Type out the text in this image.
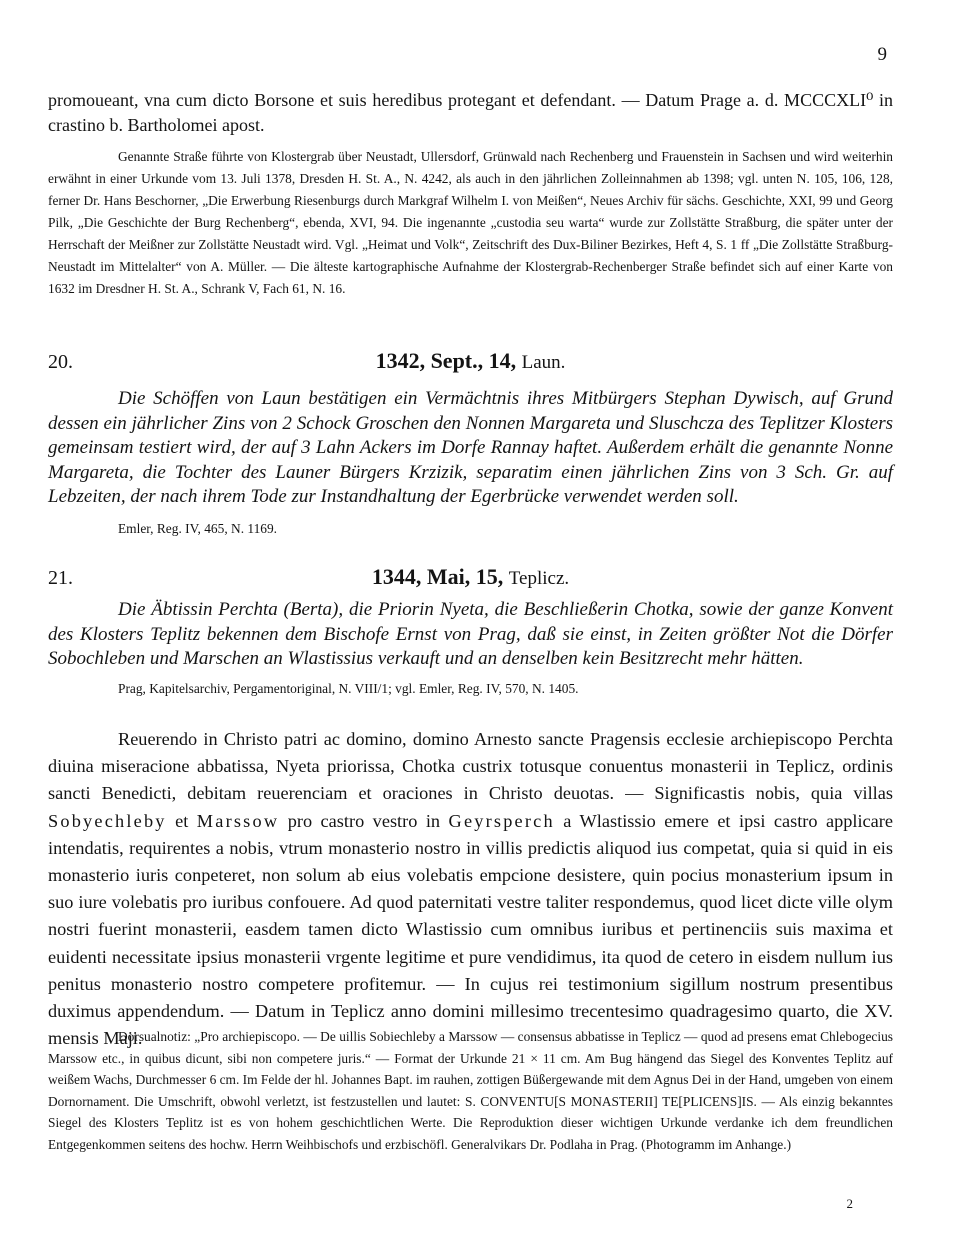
9

promoueant, vna cum dicto Borsone et suis heredibus protegant et defendant. — Datum Prage a. d. MCCCXLI⁰ in crastino b. Bartholomei apost.

Genannte Straße führte von Klostergrab über Neustadt, Ullersdorf, Grünwald nach Rechenberg und Frauenstein in Sachsen und wird weiterhin erwähnt in einer Urkunde vom 13. Juli 1378, Dresden H. St. A., N. 4242, als auch in den jährlichen Zolleinnahmen ab 1398; vgl. unten N. 105, 106, 128, ferner Dr. Hans Beschorner, „Die Erwerbung Riesenburgs durch Markgraf Wilhelm I. von Meißen“, Neues Archiv für sächs. Geschichte, XXI, 99 und Georg Pilk, „Die Geschichte der Burg Rechenberg“, ebenda, XVI, 94. Die ingenannte „custodia seu warta“ wurde zur Zollstätte Straßburg, die später unter der Herrschaft der Meißner zur Zollstätte Neustadt wird. Vgl. „Heimat und Volk“, Zeitschrift des Dux-Biliner Bezirkes, Heft 4, S. 1 ff „Die Zollstätte Straßburg-Neustadt im Mittelalter“ von A. Müller. — Die älteste kartographische Aufnahme der Klostergrab-Rechenberger Straße befindet sich auf einer Karte von 1632 im Dresdner H. St. A., Schrank V, Fach 61, N. 16.

20.	1342, Sept., 14, Laun.

Die Schöffen von Laun bestätigen ein Vermächtnis ihres Mitbürgers Stephan Dywisch, auf Grund dessen ein jährlicher Zins von 2 Schock Groschen den Nonnen Margareta und Sluschcza des Teplitzer Klosters gemeinsam testiert wird, der auf 3 Lahn Ackers im Dorfe Rannay haftet. Außerdem erhält die genannte Nonne Margareta, die Tochter des Launer Bürgers Krzizik, separatim einen jährlichen Zins von 3 Sch. Gr. auf Lebzeiten, der nach ihrem Tode zur Instandhaltung der Egerbrücke verwendet werden soll.

Emler, Reg. IV, 465, N. 1169.
21.	1344, Mai, 15, Teplicz.

Die Äbtissin Perchta (Berta), die Priorin Nyeta, die Beschließerin Chotka, sowie der ganze Konvent des Klosters Teplitz bekennen dem Bischofe Ernst von Prag, daß sie einst, in Zeiten größter Not die Dörfer Sobochleben und Marschen an Wlastissius verkauft und an denselben kein Besitzrecht mehr hätten.

Prag, Kapitelsarchiv, Pergamentoriginal, N. VIII/1; vgl. Emler, Reg. IV, 570, N. 1405.

Reuerendo in Christo patri ac domino, domino Arnesto sancte Pragensis ecclesie archiepiscopo Perchta diuina miseracione abbatissa, Nyeta priorissa, Chotka custrix totusque conuentus monasterii in Teplicz, ordinis sancti Benedicti, debitam reuerenciam et oraciones in Christo deuotas. — Significastis nobis, quia villas Sobyechleby et Marssow pro castro vestro in Geyrsperch a Wlastissio emere et ipsi castro applicare intendatis, requirentes a nobis, vtrum monasterio nostro in villis predictis aliquod ius competat, quia si quid in eis monasterio iuris conpeteret, non solum ab eius volebatis empcione desistere, quin pocius monasterium ipsum in suo iure volebatis pro iuribus confouere. Ad quod paternitati vestre taliter respondemus, quod licet dicte ville olym nostri fuerint monasterii, easdem tamen dicto Wlastissio cum omnibus iuribus et pertinenciis suis maxima et euidenti necessitate ipsius monasterii vrgente legitime et pure vendidimus, ita quod de cetero in eisdem nullum ius penitus monasterio nostro competere profitemur. — In cujus rei testimonium sigillum nostrum presentibus duximus appendendum. — Datum in Teplicz anno domini millesimo trecentesimo quadragesimo quarto, die XV. mensis Maji.

Dorsualnotiz: „Pro archiepiscopo. — De uillis Sobiechleby a Marssow — consensus abbatisse in Teplicz — quod ad presens emat Chlebogecius Marssow etc., in quibus dicunt, sibi non competere juris.“ — Format der Urkunde 21 × 11 cm. Am Bug hängend das Siegel des Konventes Teplitz auf weißem Wachs, Durchmesser 6 cm. Im Felde der hl. Johannes Bapt. im rauhen, zottigen Büßergewande mit dem Agnus Dei in der Hand, umgeben von einem Dornornament. Die Umschrift, obwohl verletzt, ist festzustellen und lautet: S. CONVENTU[S MONASTERII] TE[PLICENS]IS. — Als einzig bekanntes Siegel des Klosters Teplitz ist es von hohem geschichtlichen Werte. Die Reproduktion dieser wichtigen Urkunde verdanke ich dem freundlichen Entgegenkommen seitens des hochw. Herrn Weihbischofs und erzbischöfl. Generalvikars Dr. Podlaha in Prag. (Photogramm im Anhange.)

2
